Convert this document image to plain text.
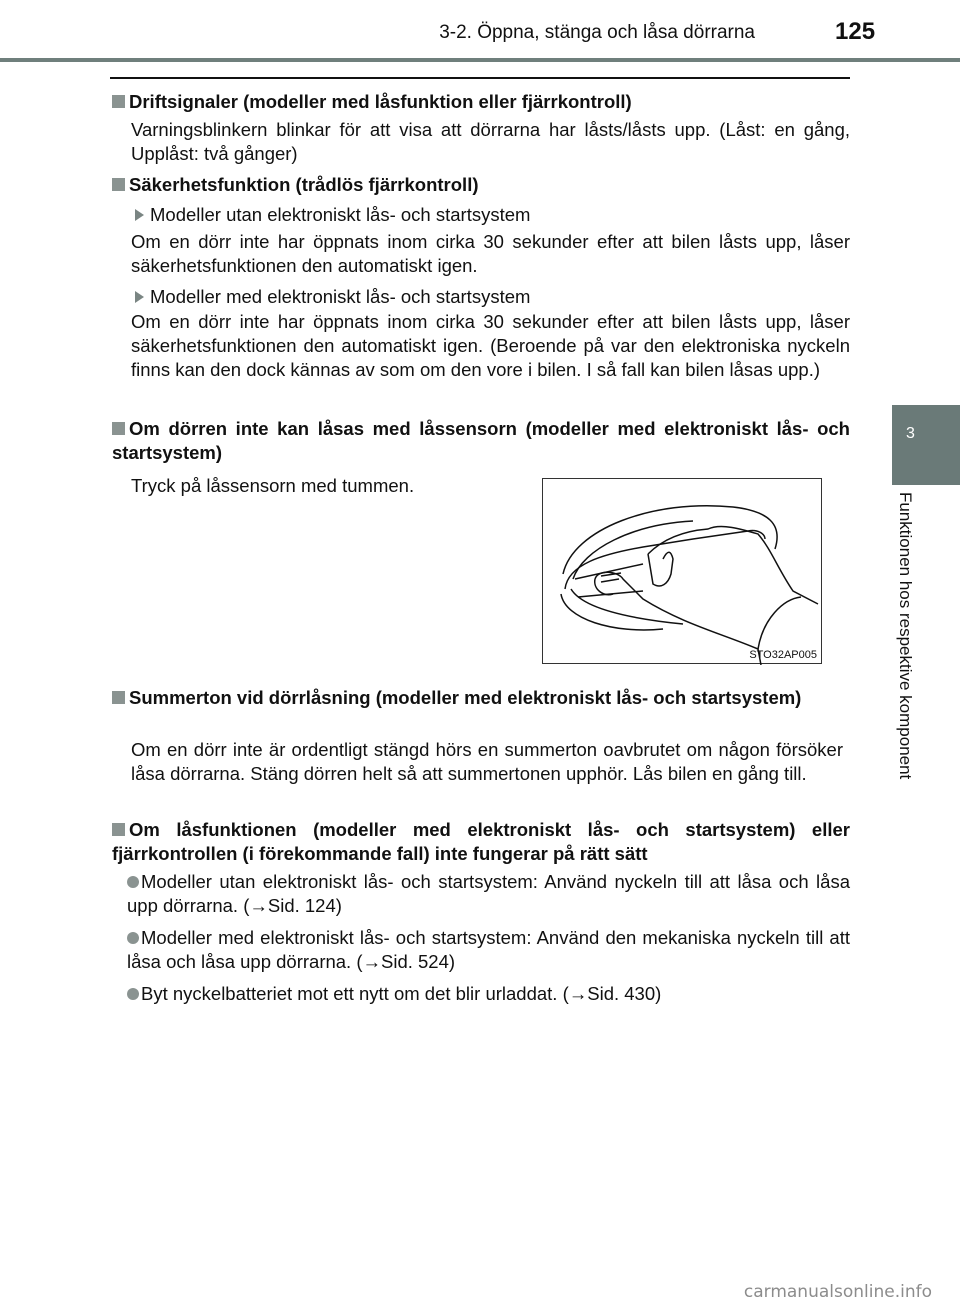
3-2. Öppna, stänga och låsa dörrarna	125
3
Funktionen hos respektive komponent
Driftsignaler (modeller med låsfunktion eller fjärrkontroll)
Varningsblinkern blinkar för att visa att dörrarna har låsts/låsts upp. (Låst: en gång, Upplåst: två gånger)
Säkerhetsfunktion (trådlös fjärrkontroll)
Modeller utan elektroniskt lås- och startsystem
Om en dörr inte har öppnats inom cirka 30 sekunder efter att bilen låsts upp, låser säkerhetsfunktionen den automatiskt igen.
Modeller med elektroniskt lås- och startsystem
Om en dörr inte har öppnats inom cirka 30 sekunder efter att bilen låsts upp, låser säkerhetsfunktionen den automatiskt igen. (Beroende på var den elektroniska nyckeln finns kan den dock kännas av som om den vore i bilen. I så fall kan bilen låsas upp.)
Om dörren inte kan låsas med låssensorn (modeller med elektroniskt lås- och startsystem)
Tryck på låssensorn med tummen.
STO32AP005
Summerton vid dörrlåsning (modeller med elektroniskt lås- och startsystem)
Om en dörr inte är ordentligt stängd hörs en summerton oavbrutet om någon försöker låsa dörrarna. Stäng dörren helt så att summertonen upphör. Lås bilen en gång till.
Om låsfunktionen (modeller med elektroniskt lås- och startsystem) eller fjärrkontrollen (i förekommande fall) inte fungerar på rätt sätt
Modeller utan elektroniskt lås- och startsystem: Använd nyckeln till att låsa och låsa upp dörrarna. (→Sid. 124)
Modeller med elektroniskt lås- och startsystem: Använd den mekaniska nyckeln till att låsa och låsa upp dörrarna. (→Sid. 524)
Byt nyckelbatteriet mot ett nytt om det blir urladdat. (→Sid. 430)
carmanualsonline.info
